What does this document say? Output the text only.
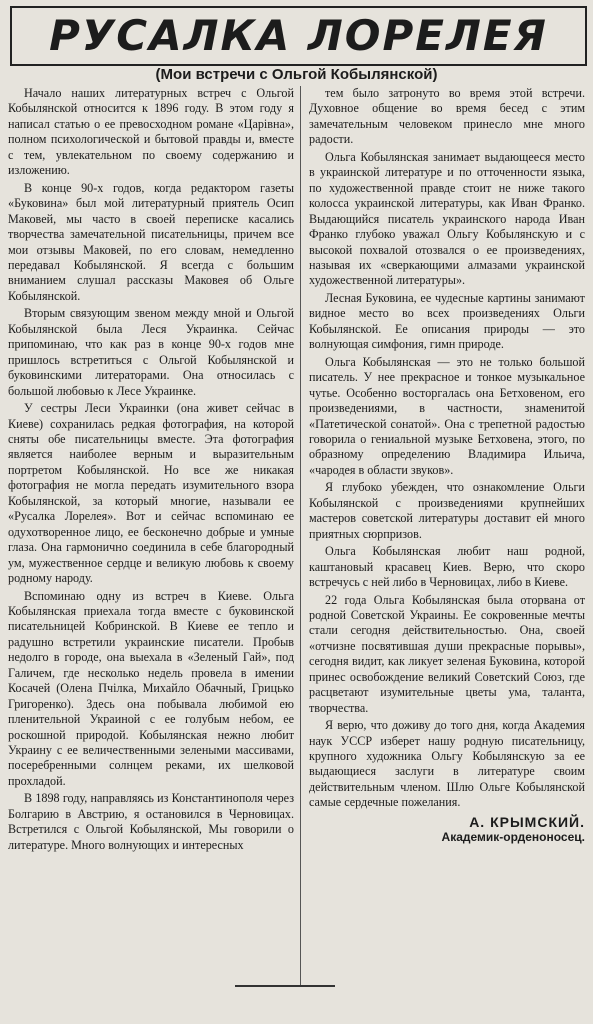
РУСАЛКА ЛОРЕЛЕЯ
(Мои встречи с Ольгой Кобылянской)

Начало наших литературных встреч с Ольгой Кобылянской относится к 1896 году. В этом году я написал статью о ее превосходном романе «Царівна», полном психологической и бытовой правды и, вместе с тем, увлекательном по своему содержанию и изложению.

В конце 90-х годов, когда редактором газеты «Буковина» был мой литературный приятель Осип Маковей, мы часто в своей переписке касались творчества замечательной писательницы, причем все мои отзывы Маковей, по его словам, немедленно передавал Кобылянской. Я всегда с большим вниманием слушал рассказы Маковея об Ольге Кобылянской.

Вторым связующим звеном между мной и Ольгой Кобылянской была Леся Украинка. Сейчас припоминаю, что как раз в конце 90-х годов мне пришлось встретиться с Ольгой Кобылянской и буковинскими литераторами. Она относилась с большой любовью к Лесе Украинке.

У сестры Леси Украинки (она живет сейчас в Киеве) сохранилась редкая фотография, на которой сняты обе писательницы вместе. Эта фотография является наиболее верным и выразительным портретом Кобылянской. Но все же никакая фотография не могла передать изумительного взора Кобылянской, за который многие, называли ее «Русалка Лорелея». Вот и сейчас вспоминаю ее одухотворенное лицо, ее бесконечно добрые и умные глаза. Она гармонично соединила в себе благородный ум, мужественное сердце и великую любовь к своему родному народу.

Вспоминаю одну из встреч в Киеве. Ольга Кобылянская приехала тогда вместе с буковинской писательницей Кобринской. В Киеве ее тепло и радушно встретили украинские писатели. Пробыв недолго в городе, она выехала в «Зеленый Гай», под Галичем, где несколько недель провела в имении Косачей (Олена Пчілка, Михайло Обачный, Грицько Григоренко). Здесь она побывала любимой ею пленительной Украиной с ее голубым небом, ее роскошной природой. Кобылянская нежно любит Украину с ее величественными зелеными массивами, посеребренными солнцем реками, их шелковой прохладой.

В 1898 году, направляясь из Константинополя через Болгарию в Австрию, я остановился в Черновицах. Встретился с Ольгой Кобылянской, Мы говорили о литературе. Много волнующих и интересных

тем было затронуто во время этой встречи. Духовное общение во время бесед с этим замечательным человеком принесло мне много радости.

Ольга Кобылянская занимает выдающееся место в украинской литературе и по отточенности языка, по художественной правде стоит не ниже такого колосса украинской литературы, как Иван Франко. Выдающийся писатель украинского народа Иван Франко глубоко уважал Ольгу Кобылянскую и с высокой похвалой отозвался о ее произведениях, называя их «сверкающими алмазами украинской художественной литературы».

Лесная Буковина, ее чудесные картины занимают видное место во всех произведениях Ольги Кобылянской. Ее описания природы — это волнующая симфония, гимн природе.

Ольга Кобылянская — это не только большой писатель. У нее прекрасное и тонкое музыкальное чутье. Особенно восторгалась она Бетховеном, его произведениями, в частности, знаменитой «Патетической сонатой». Она с трепетной радостью говорила о гениальной музыке Бетховена, этого, по образному определению Владимира Ильича, «чародея в области звуков».

Я глубоко убежден, что ознакомление Ольги Кобылянской с произведениями крупнейших мастеров советской литературы доставит ей много приятных сюрпризов.

Ольга Кобылянская любит наш родной, каштановый красавец Киев. Верю, что скоро встречусь с ней либо в Черновицах, либо в Киеве.

22 года Ольга Кобылянская была оторвана от родной Советской Украины. Ее сокровенные мечты стали сегодня действительностью. Она, своей «отчизне посвятившая души прекрасные порывы», сегодня видит, как ликует зеленая Буковина, которой принес освобождение великий Советский Союз, где расцветают изумительные цветы ума, таланта, творчества.

Я верю, что доживу до того дня, когда Академия наук УССР изберет нашу родную писательницу, крупного художника Ольгу Кобылянскую за ее выдающиеся заслуги в литературе своим действительным членом. Шлю Ольге Кобылянской самые сердечные пожелания.

А. КРЫМСКИЙ.
Академик-орденоносец.
